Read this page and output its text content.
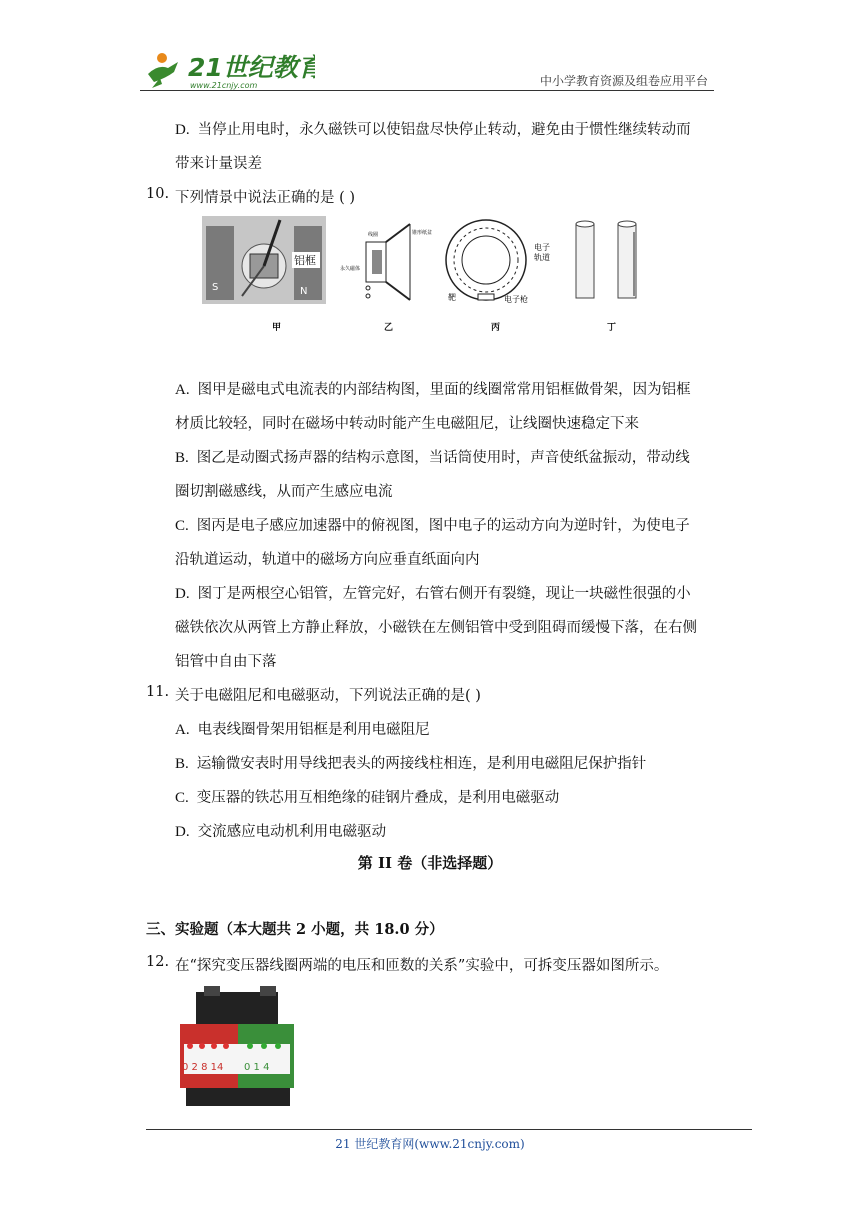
21世纪教育
www.21cnjy.com	中小学教育资源及组卷应用平台
D. 当停止用电时，永久磁铁可以使铝盘尽快停止转动，避免由于惯性继续转动而
带来计量误差
10. 下列情景中说法正确的是 ( )
S	N
铝框
线圈	锥形纸盆
永久磁体
电子
轨道
靶	电子枪
甲	乙	丙	丁
A. 图甲是磁电式电流表的内部结构图，里面的线圈常常用铝框做骨架，因为铝框
材质比较轻，同时在磁场中转动时能产生电磁阻尼，让线圈快速稳定下来
B. 图乙是动圈式扬声器的结构示意图，当话筒使用时，声音使纸盆振动，带动线
圈切割磁感线，从而产生感应电流
C. 图丙是电子感应加速器中的俯视图，图中电子的运动方向为逆时针，为使电子
沿轨道运动，轨道中的磁场方向应垂直纸面向内
D. 图丁是两根空心铝管，左管完好，右管右侧开有裂缝，现让一块磁性很强的小
磁铁依次从两管上方静止释放，小磁铁在左侧铝管中受到阻碍而缓慢下落，在右侧
铝管中自由下落
11. 关于电磁阻尼和电磁驱动，下列说法正确的是( )
A. 电表线圈骨架用铝框是利用电磁阻尼
B. 运输微安表时用导线把表头的两接线柱相连，是利用电磁阻尼保护指针
C. 变压器的铁芯用互相绝缘的硅钢片叠成，是利用电磁驱动
D. 交流感应电动机利用电磁驱动
第 II 卷（非选择题）
三、实验题（本大题共 2 小题，共 18.0 分）
12. 在“探究变压器线圈两端的电压和匝数的关系”实验中，可拆变压器如图所示。
0 2 8 14 0 1 4
21 世纪教育网(www.21cnjy.com)
